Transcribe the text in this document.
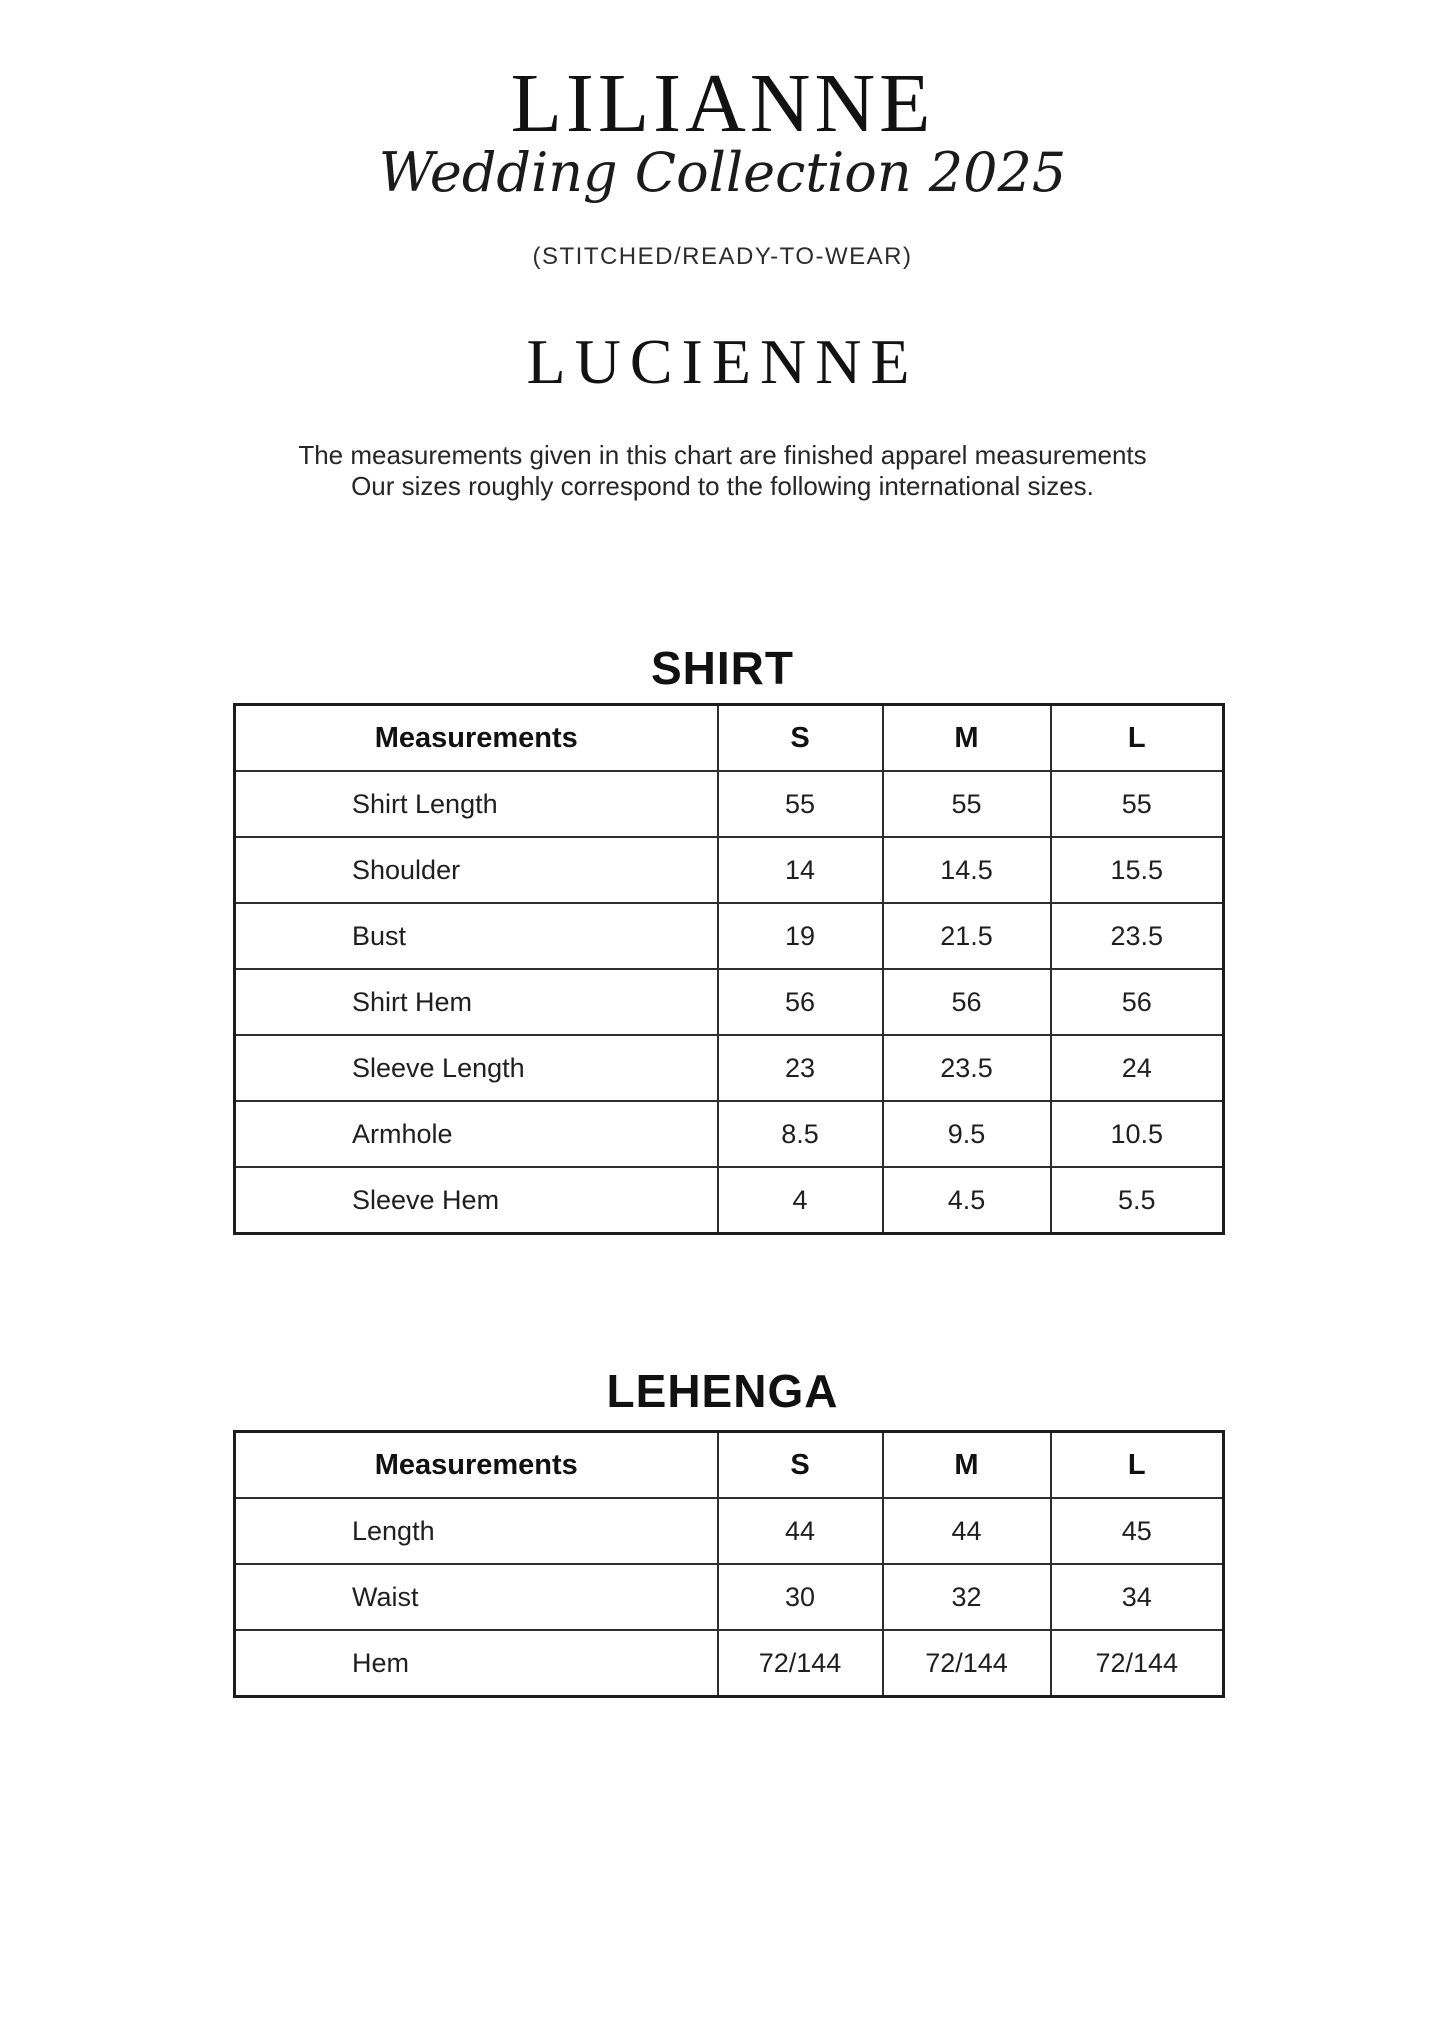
LILIANNE
Wedding Collection 2025
(STITCHED/READY-TO-WEAR)
LUCIENNE
The measurements given in this chart are finished apparel measurements
Our sizes roughly correspond to the following international sizes.
SHIRT
Measurements	S	M	L
Shirt Length	55	55	55
Shoulder	14	14.5	15.5
Bust	19	21.5	23.5
Shirt Hem	56	56	56
Sleeve Length	23	23.5	24
Armhole	8.5	9.5	10.5
Sleeve Hem	4	4.5	5.5
LEHENGA
Measurements	S	M	L
Length	44	44	45
Waist	30	32	34
Hem	72/144	72/144	72/144
